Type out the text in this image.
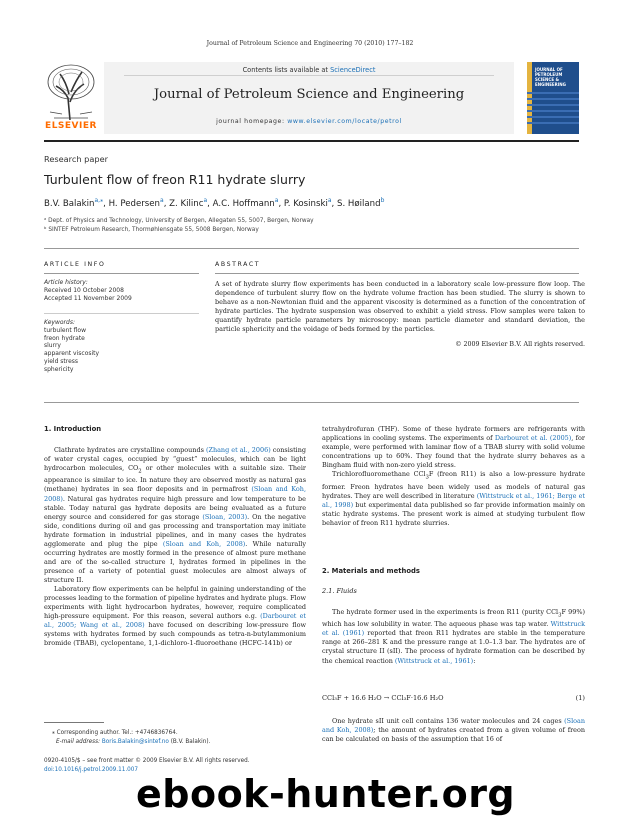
Journal of Petroleum Science and Engineering 70 (2010) 177–182
ELSEVIER
Contents lists available at ScienceDirect
Journal of Petroleum Science and Engineering
journal homepage: www.elsevier.com/locate/petrol
JOURNAL OF PETROLEUM SCIENCE & ENGINEERING
Research paper
Turbulent flow of freon R11 hydrate slurry
B.V. Balakin$^{a,⁎}$, H. Pedersen$^a$, Z. Kilinc$^a$, A.C. Hoffmann$^a$, P. Kosinski$^a$, S. Høiland$^b$
ᵃ Dept. of Physics and Technology, University of Bergen, Allegaten 55, 5007, Bergen, Norway
ᵇ SINTEF Petroleum Research, Thormøhlensgate 55, 5008 Bergen, Norway
ARTICLE INFO
Article history:
Received 10 October 2008
Accepted 11 November 2009
Keywords:
turbulent flow
freon hydrate
slurry
apparent viscosity
yield stress
sphericity
ABSTRACT
A set of hydrate slurry flow experiments has been conducted in a laboratory scale low-pressure flow loop. The dependence of turbulent slurry flow on the hydrate volume fraction has been studied. The slurry is shown to behave as a non-Newtonian fluid and the apparent viscosity is determined as a function of the concentration of hydrate particles. The hydrate suspension was observed to exhibit a yield stress. Flow samples were taken to quantify hydrate particle parameters by microscopy: mean particle diameter and standard deviation, the particle sphericity and the voidage of beds formed by the particles.
© 2009 Elsevier B.V. All rights reserved.
1. Introduction

Clathrate hydrates are crystalline compounds (Zhang et al., 2006) consisting of water crystal cages, occupied by “guest” molecules, which can be light hydrocarbon molecules, $CO_2$ or other molecules with a suitable size. Their appearance is similar to ice. In nature they are observed mostly as natural gas (methane) hydrates in sea floor deposits and in permafrost (Sloan and Koh, 2008). Natural gas hydrates require high pressure and low temperature to be stable. Today natural gas hydrate deposits are being evaluated as a future energy source and considered for gas storage (Sloan, 2003). On the negative side, conditions during oil and gas processing and transportation may initiate hydrate formation in industrial pipelines, and in many cases the hydrates agglomerate and plug the pipe (Sloan and Koh, 2008). While naturally occurring hydrates are mostly formed in the presence of almost pure methane and are of the so-called structure I, hydrates formed in pipelines in the presence of a variety of potential guest molecules are almost always of structure II.

Laboratory flow experiments can be helpful in gaining understanding of the processes leading to the formation of pipeline hydrates and hydrate plugs. Flow experiments with light hydrocarbon hydrates, however, require complicated high-pressure equipment. For this reason, several authors e.g. (Darbouret et al., 2005; Wang et al., 2008) have focused on describing low-pressure flow systems with hydrates formed by such compounds as tetra-n-butylammonium bromide (TBAB), cyclopentane, 1,1-dichloro-1-fluoroethane (HCFC-141b) or

tetrahydrofuran (THF). Some of these hydrate formers are refrigerants with applications in cooling systems. The experiments of Darbouret et al. (2005), for example, were performed with laminar flow of a TBAB slurry with solid volume concentrations up to 60%. They found that the hydrate slurry behaves as a Bingham fluid with non-zero yield stress.

Trichlorofluoromethane CCl$_3$F (freon R11) is also a low-pressure hydrate former. Freon hydrates have been widely used as models of natural gas hydrates. They are well described in literature (Wittstruck et al., 1961; Berge et al., 1998) but experimental data published so far provide information mainly on static hydrate systems. The present work is aimed at studying turbulent flow behavior of freon R11 hydrate slurries.

2. Materials and methods
2.1. Fluids

The hydrate former used in the experiments is freon R11 (purity CCl$_3$F 99%) which has low solubility in water. The aqueous phase was tap water. Wittstruck et al. (1961) reported that freon R11 hydrates are stable in the temperature range at 266–281 K and the pressure range at 1.0–1.3 bar. The hydrates are of crystal structure II (sII). The process of hydrate formation can be described by the chemical reaction (Wittstruck et al., 1961):

CCl₃F + 16.6 H₂O → CCl₃F·16.6 H₂O	(1)

One hydrate sII unit cell contains 136 water molecules and 24 cages (Sloan and Koh, 2008); the amount of hydrates created from a given volume of freon can be calculated on basis of the assumption that 16 of

⁎ Corresponding author. Tel.: +4746836764.
E-mail address: Boris.Balakin@sintef.no (B.V. Balakin).
0920-4105/$ – see front matter © 2009 Elsevier B.V. All rights reserved.
doi:10.1016/j.petrol.2009.11.007
ebook-hunter.org
